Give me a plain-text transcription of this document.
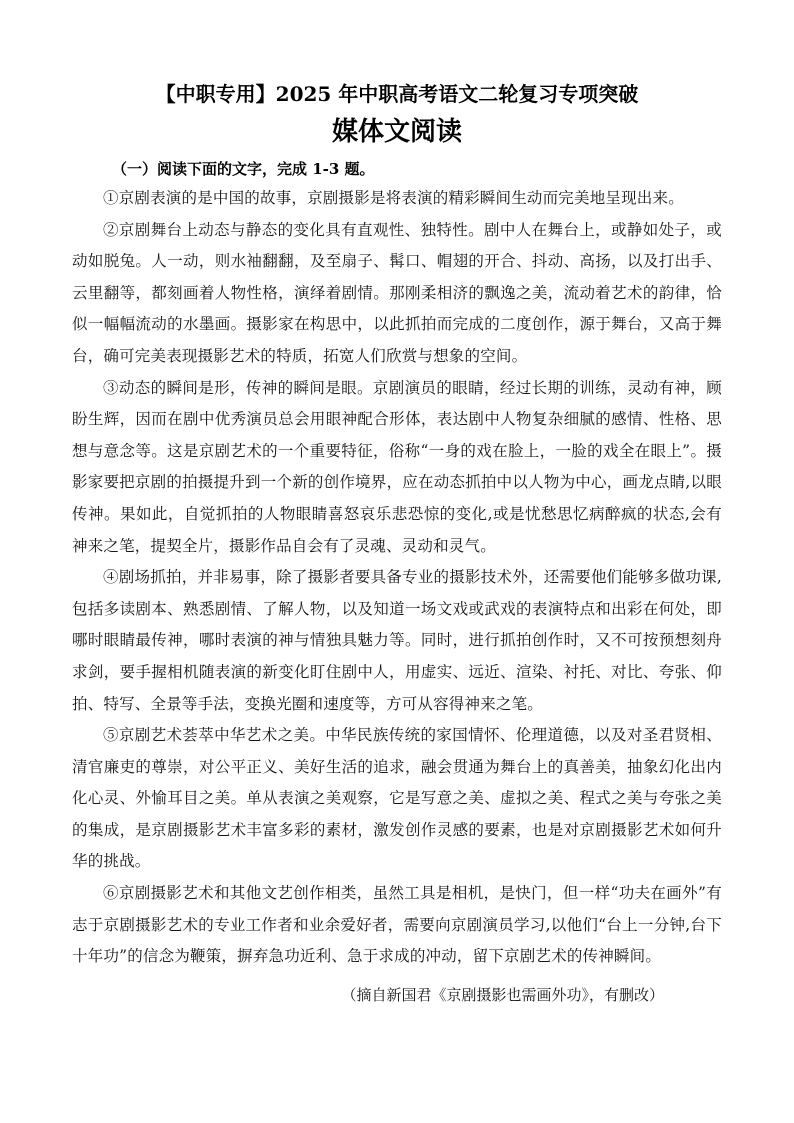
【中职专用】2025 年中职高考语文二轮复习专项突破
媒体文阅读
（一）阅读下面的文字，完成 1-3 题。

①京剧表演的是中国的故事，京剧摄影是将表演的精彩瞬间生动而完美地呈现出来。

②京剧舞台上动态与静态的变化具有直观性、独特性。剧中人在舞台上，或静如处子，或动如脱兔。人一动，则水袖翻翻，及至扇子、髯口、帽翅的开合、抖动、高扬，以及打出手、云里翻等，都刻画着人物性格，演绎着剧情。那刚柔相济的飘逸之美，流动着艺术的韵律，恰似一幅幅流动的水墨画。摄影家在构思中，以此抓拍而完成的二度创作，源于舞台，又高于舞台，确可完美表现摄影艺术的特质，拓宽人们欣赏与想象的空间。

③动态的瞬间是形，传神的瞬间是眼。京剧演员的眼睛，经过长期的训练，灵动有神，顾盼生辉，因而在剧中优秀演员总会用眼神配合形体，表达剧中人物复杂细腻的感情、性格、思想与意念等。这是京剧艺术的一个重要特征，俗称“一身的戏在脸上，一脸的戏全在眼上”。摄影家要把京剧的拍摄提升到一个新的创作境界，应在动态抓拍中以人物为中心，画龙点睛,以眼传神。果如此，自觉抓拍的人物眼睛喜怒哀乐悲恐惊的变化,或是忧愁思忆病醉疯的状态,会有神来之笔，提契全片，摄影作品自会有了灵魂、灵动和灵气。

④剧场抓拍，并非易事，除了摄影者要具备专业的摄影技术外，还需要他们能够多做功课,包括多读剧本、熟悉剧情、了解人物，以及知道一场文戏或武戏的表演特点和出彩在何处，即哪时眼睛最传神，哪时表演的神与情独具魅力等。同时，进行抓拍创作时，又不可按预想刻舟求剑，要手握相机随表演的新变化盯住剧中人，用虚实、远近、渲染、衬托、对比、夸张、仰拍、特写、全景等手法，变换光圈和速度等，方可从容得神来之笔。

⑤京剧艺术荟萃中华艺术之美。中华民族传统的家国情怀、伦理道德，以及对圣君贤相、清官廉吏的尊崇，对公平正义、美好生活的追求，融会贯通为舞台上的真善美，抽象幻化出内化心灵、外愉耳目之美。单从表演之美观察，它是写意之美、虚拟之美、程式之美与夸张之美的集成，是京剧摄影艺术丰富多彩的素材，激发创作灵感的要素，也是对京剧摄影艺术如何升华的挑战。

⑥京剧摄影艺术和其他文艺创作相类，虽然工具是相机，是快门，但一样“功夫在画外”有志于京剧摄影艺术的专业工作者和业余爱好者，需要向京剧演员学习,以他们“台上一分钟,台下十年功”的信念为鞭策，摒弃急功近利、急于求成的冲动，留下京剧艺术的传神瞬间。

（摘自新国君《京剧摄影也需画外功》，有删改）
